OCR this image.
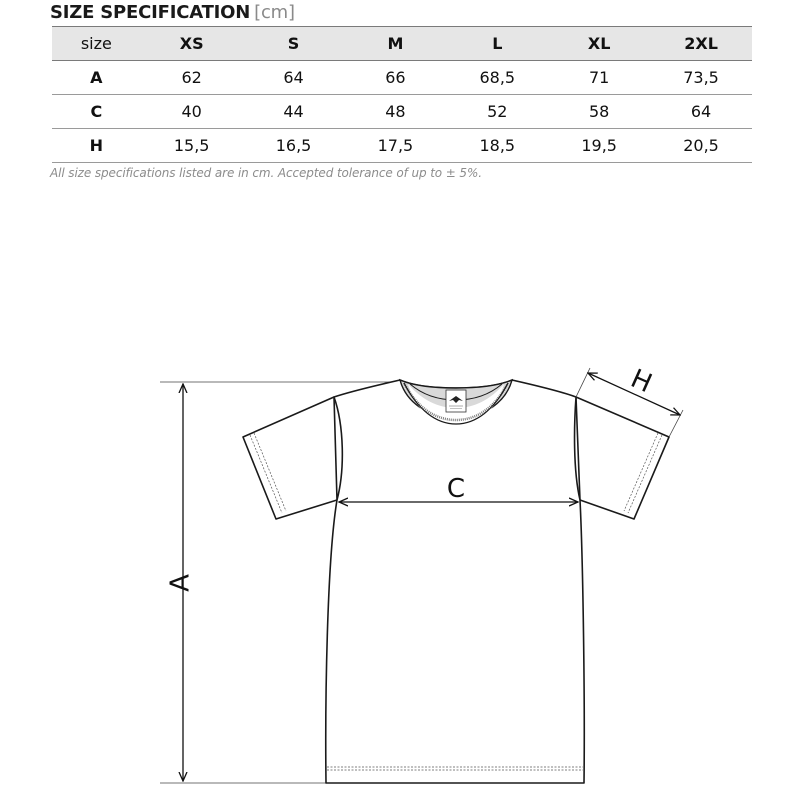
SIZE SPECIFICATION [cm]
size	XS	S	M	L	XL	2XL
A	62	64	66	68,5	71	73,5
C	40	44	48	52	58	64
H	15,5	16,5	17,5	18,5	19,5	20,5
All size specifications listed are in cm. Accepted tolerance of up to ± 5%.
A
C
H
